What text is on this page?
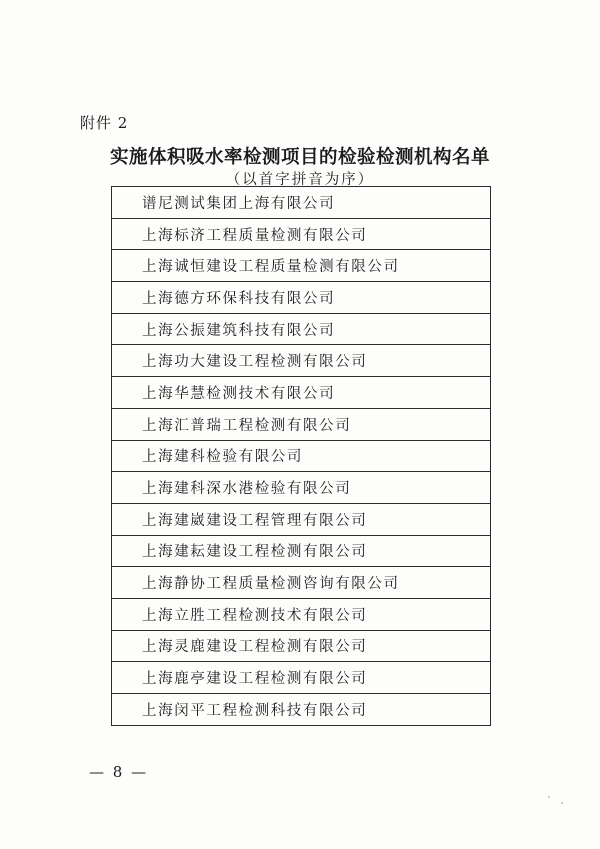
附件 2
实施体积吸水率检测项目的检验检测机构名单
（以首字拼音为序）
谱尼测试集团上海有限公司
上海标济工程质量检测有限公司
上海诚恒建设工程质量检测有限公司
上海德方环保科技有限公司
上海公振建筑科技有限公司
上海功大建设工程检测有限公司
上海华慧检测技术有限公司
上海汇普瑞工程检测有限公司
上海建科检验有限公司
上海建科深水港检验有限公司
上海建崴建设工程管理有限公司
上海建耘建设工程检测有限公司
上海静协工程质量检测咨询有限公司
上海立胜工程检测技术有限公司
上海灵鹿建设工程检测有限公司
上海鹿亭建设工程检测有限公司
上海闵平工程检测科技有限公司
— 8 —
